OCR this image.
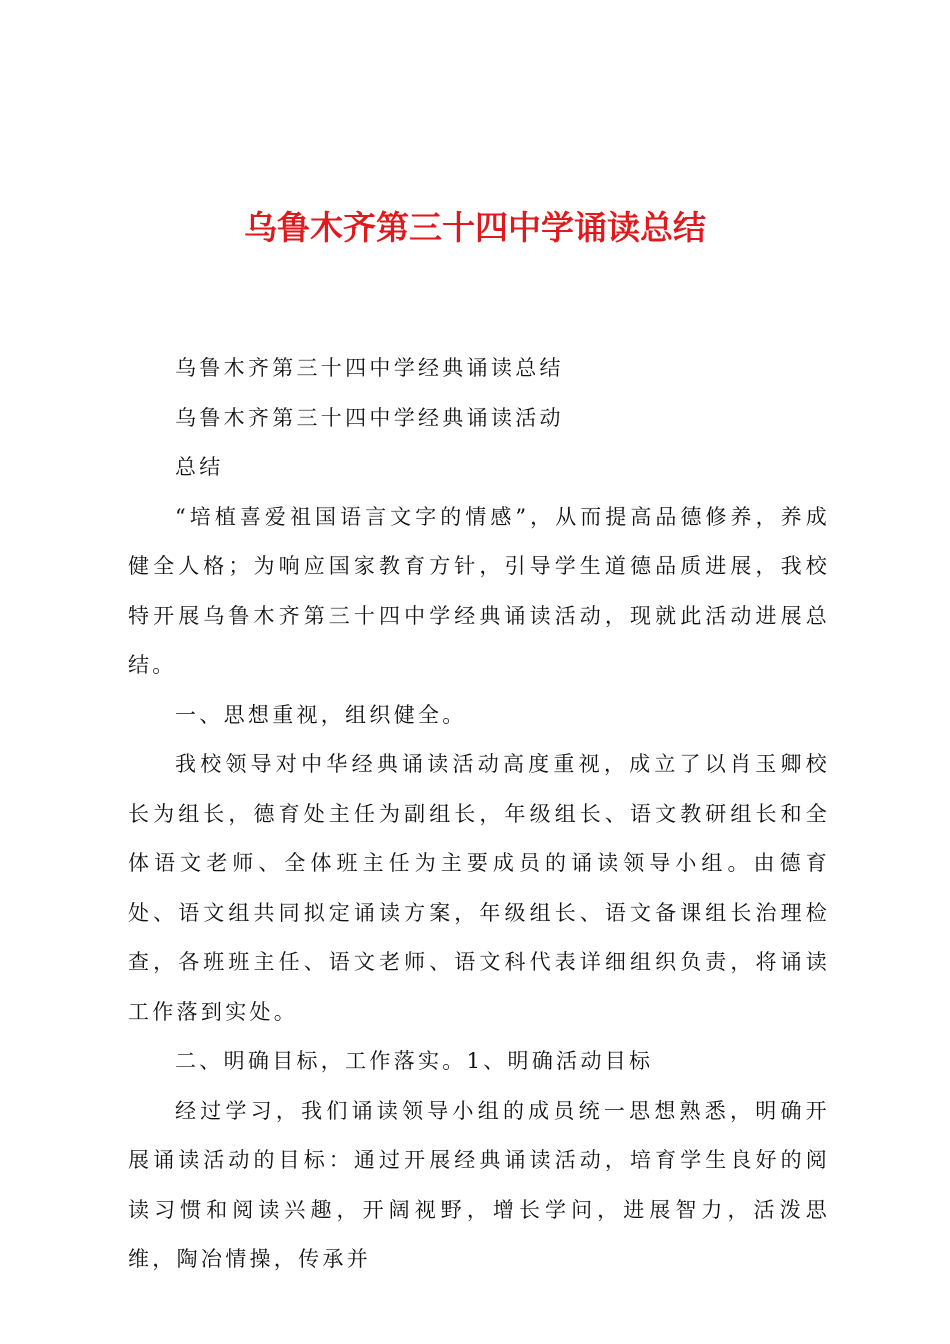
乌鲁木齐第三十四中学诵读总结

乌鲁木齐第三十四中学经典诵读总结

乌鲁木齐第三十四中学经典诵读活动

总结

“培植喜爱祖国语言文字的情感”，从而提高品德修养，养成健全人格；为响应国家教育方针，引导学生道德品质进展，我校特开展乌鲁木齐第三十四中学经典诵读活动，现就此活动进展总结。

一、思想重视，组织健全。

我校领导对中华经典诵读活动高度重视，成立了以肖玉卿校长为组长，德育处主任为副组长，年级组长、语文教研组长和全体语文老师、全体班主任为主要成员的诵读领导小组。由德育处、语文组共同拟定诵读方案，年级组长、语文备课组长治理检查，各班班主任、语文老师、语文科代表详细组织负责，将诵读工作落到实处。

二、明确目标，工作落实。1、明确活动目标

经过学习，我们诵读领导小组的成员统一思想熟悉，明确开展诵读活动的目标：通过开展经典诵读活动，培育学生良好的阅读习惯和阅读兴趣，开阔视野，增长学问，进展智力，活泼思维，陶冶情操，传承并
